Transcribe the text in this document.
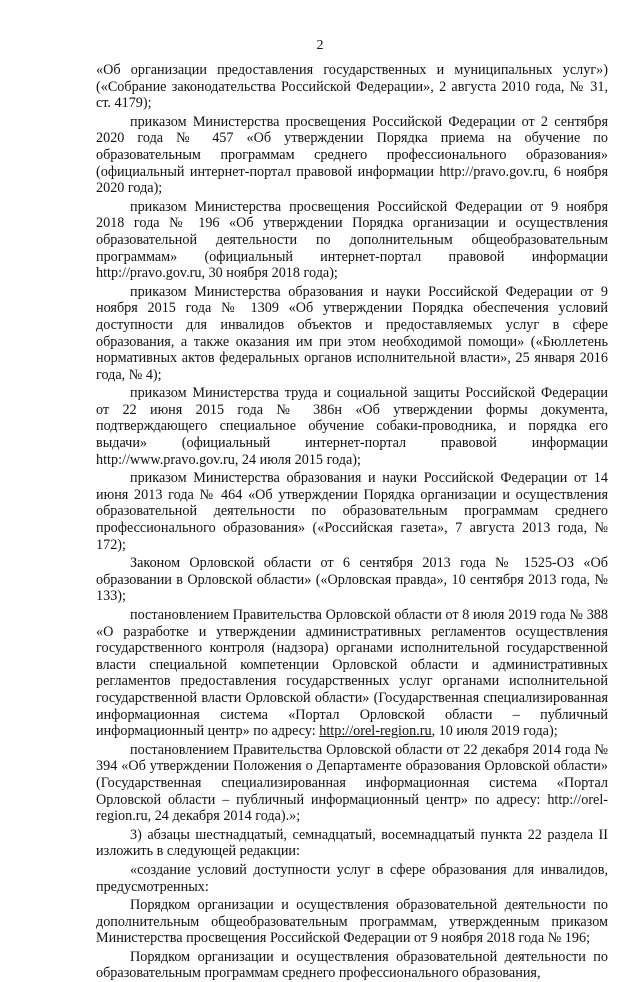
2

«Об организации предоставления государственных и муниципальных услуг») («Собрание законодательства Российской Федерации», 2 августа 2010 года, № 31, ст. 4179);

приказом Министерства просвещения Российской Федерации от 2 сентября 2020 года № 457 «Об утверждении Порядка приема на обучение по образовательным программам среднего профессионального образования» (официальный интернет-портал правовой информации http://pravo.gov.ru, 6 ноября 2020 года);

приказом Министерства просвещения Российской Федерации от 9 ноября 2018 года № 196 «Об утверждении Порядка организации и осуществления образовательной деятельности по дополнительным общеобразовательным программам» (официальный интернет-портал правовой информации http://pravo.gov.ru, 30 ноября 2018 года);

приказом Министерства образования и науки Российской Федерации от 9 ноября 2015 года № 1309 «Об утверждении Порядка обеспечения условий доступности для инвалидов объектов и предоставляемых услуг в сфере образования, а также оказания им при этом необходимой помощи» («Бюллетень нормативных актов федеральных органов исполнительной власти», 25 января 2016 года, № 4);

приказом Министерства труда и социальной защиты Российской Федерации от 22 июня 2015 года № 386н «Об утверждении формы документа, подтверждающего специальное обучение собаки-проводника, и порядка его выдачи» (официальный интернет-портал правовой информации http://www.pravo.gov.ru, 24 июля 2015 года);

приказом Министерства образования и науки Российской Федерации от 14 июня 2013 года № 464 «Об утверждении Порядка организации и осуществления образовательной деятельности по образовательным программам среднего профессионального образования» («Российская газета», 7 августа 2013 года, № 172);

Законом Орловской области от 6 сентября 2013 года № 1525-ОЗ «Об образовании в Орловской области» («Орловская правда», 10 сентября 2013 года, № 133);

постановлением Правительства Орловской области от 8 июля 2019 года № 388 «О разработке и утверждении административных регламентов осуществления государственного контроля (надзора) органами исполнительной государственной власти специальной компетенции Орловской области и административных регламентов предоставления государственных услуг органами исполнительной государственной власти Орловской области» (Государственная специализированная информационная система «Портал Орловской области – публичный информационный центр» по адресу: http://orel-region.ru, 10 июля 2019 года);

постановлением Правительства Орловской области от 22 декабря 2014 года № 394 «Об утверждении Положения о Департаменте образования Орловской области» (Государственная специализированная информационная система «Портал Орловской области – публичный информационный центр» по адресу: http://orel-region.ru, 24 декабря 2014 года).»;

3) абзацы шестнадцатый, семнадцатый, восемнадцатый пункта 22 раздела II изложить в следующей редакции:

«создание условий доступности услуг в сфере образования для инвалидов, предусмотренных:

Порядком организации и осуществления образовательной деятельности по дополнительным общеобразовательным программам, утвержденным приказом Министерства просвещения Российской Федерации от 9 ноября 2018 года № 196;

Порядком организации и осуществления образовательной деятельности по образовательным программам среднего профессионального образования,
